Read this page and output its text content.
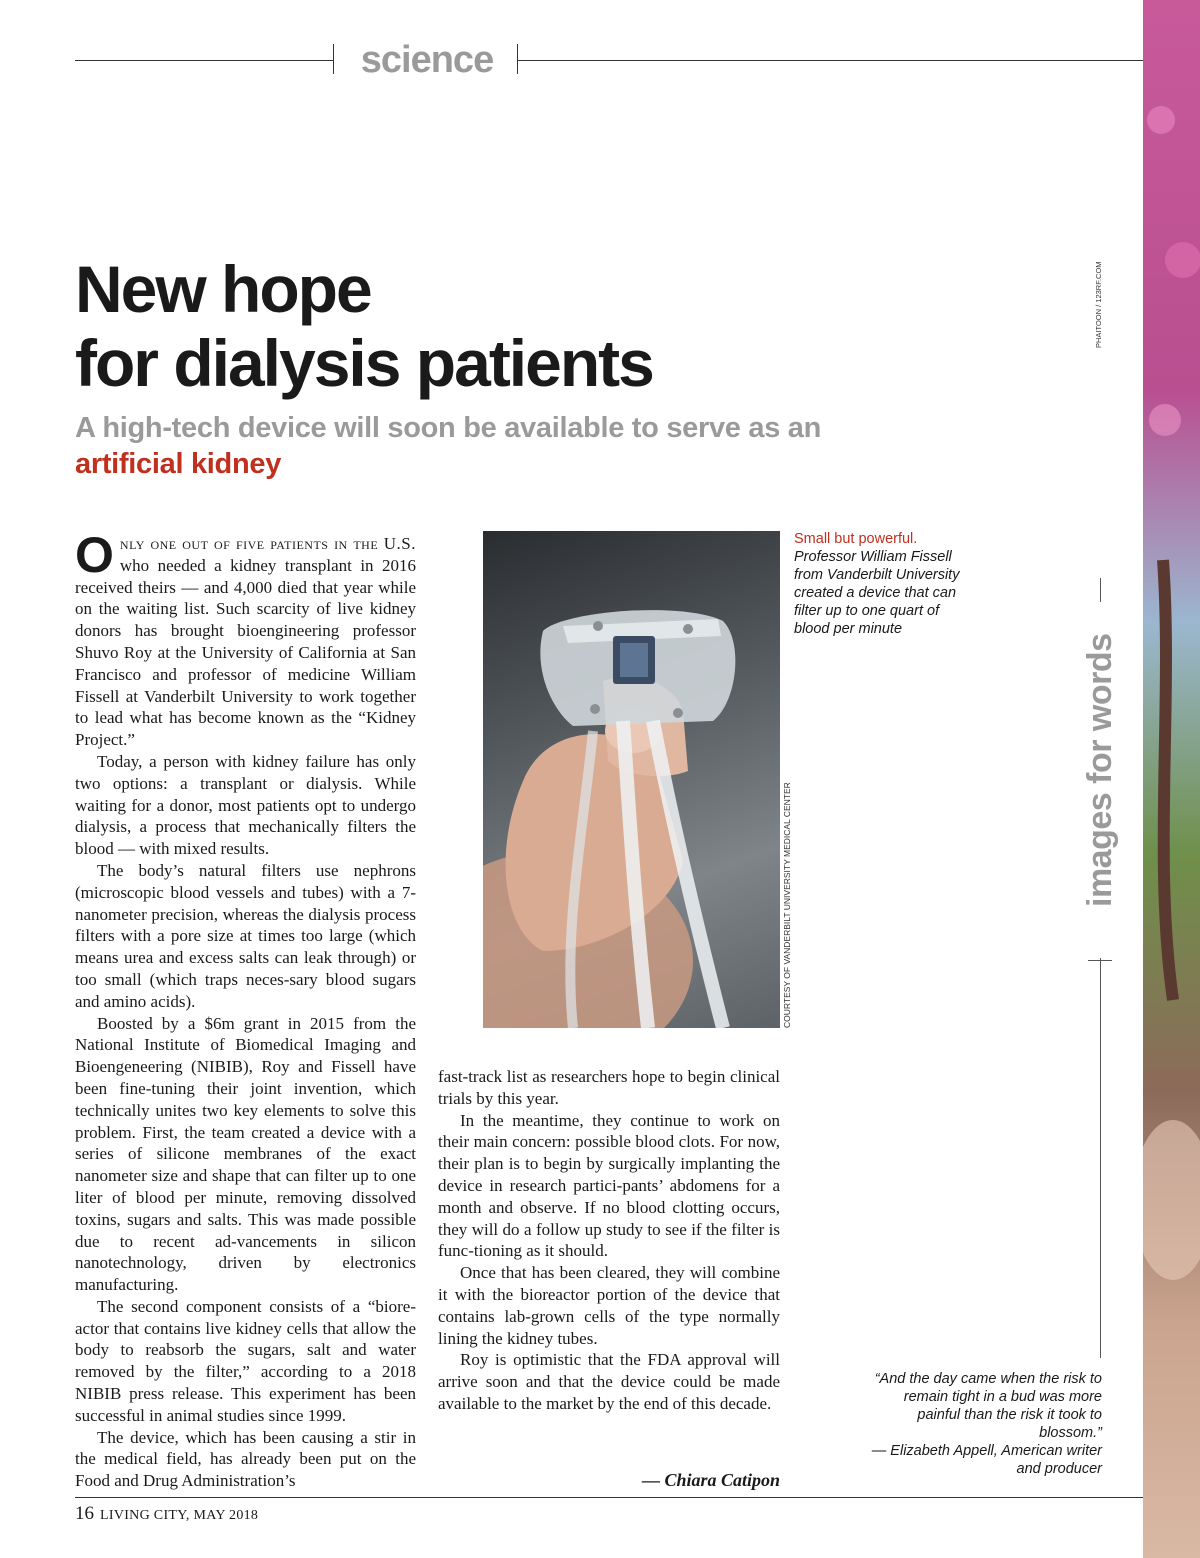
science
New hope
for dialysis patients

A high-tech device will soon be available to serve as an artificial kidney

Only one out of five patients in the U.S. who needed a kidney transplant in 2016 received theirs — and 4,000 died that year while on the waiting list. Such scarcity of live kidney donors has brought bioengineering professor Shuvo Roy at the University of California at San Francisco and professor of medicine William Fissell at Vanderbilt University to work together to lead what has become known as the “Kidney Project.”

Today, a person with kidney failure has only two options: a transplant or dialysis. While waiting for a donor, most patients opt to undergo dialysis, a process that mechanically filters the blood — with mixed results.

The body’s natural filters use nephrons (microscopic blood vessels and tubes) with a 7-nanometer precision, whereas the dialysis process filters with a pore size at times too large (which means urea and excess salts can leak through) or too small (which traps neces-sary blood sugars and amino acids).

Boosted by a $6m grant in 2015 from the National Institute of Biomedical Imaging and Bioengeneering (NIBIB), Roy and Fissell have been fine-tuning their joint invention, which technically unites two key elements to solve this problem. First, the team created a device with a series of silicone membranes of the exact nanometer size and shape that can filter up to one liter of blood per minute, removing dissolved toxins, sugars and salts. This was made possible due to recent ad-vancements in silicon nanotechnology, driven by electronics manufacturing.

The second component consists of a “biore-actor that contains live kidney cells that allow the body to reabsorb the sugars, salt and water removed by the filter,” according to a 2018 NIBIB press release. This experiment has been successful in animal studies since 1999.

The device, which has been causing a stir in the medical field, has already been put on the Food and Drug Administration’s

COURTESY OF VANDERBILT UNIVERSITY MEDICAL CENTER
Small but powerful.
Professor William Fissell from Vanderbilt University created a device that can filter up to one quart of blood per minute

fast-track list as researchers hope to begin clinical trials by this year.

In the meantime, they continue to work on their main concern: possible blood clots. For now, their plan is to begin by surgically implanting the device in research partici-pants’ abdomens for a month and observe. If no blood clotting occurs, they will do a follow up study to see if the filter is func-tioning as it should.

Once that has been cleared, they will combine it with the bioreactor portion of the device that contains lab-grown cells of the type normally lining the kidney tubes.

Roy is optimistic that the FDA approval will arrive soon and that the device could be made available to the market by the end of this decade.

— Chiara Catipon
PHAITOON / 123RF.COM
images for words
“And the day came when the risk to remain tight in a bud was more painful than the risk it took to blossom.”
— Elizabeth Appell, American writer and producer
16 LIVING CITY, MAY 2018
